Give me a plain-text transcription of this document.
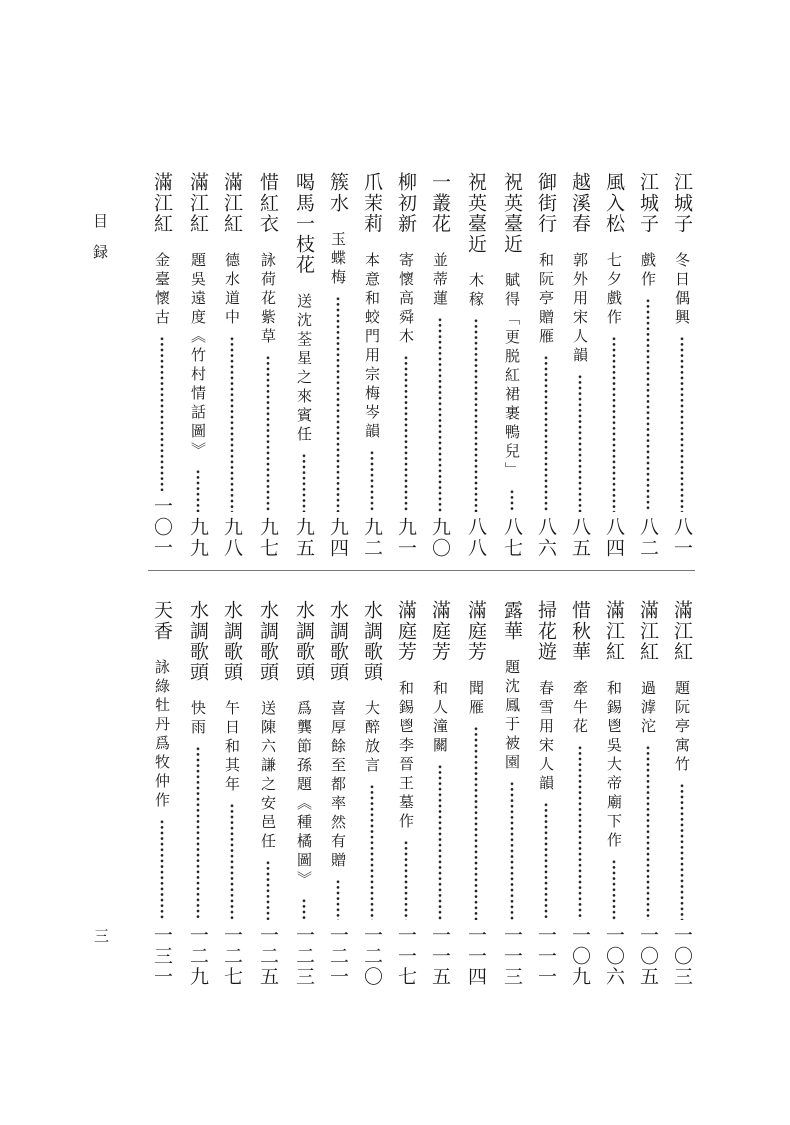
目録
三
江城子
冬日偶興
八一
江城子
戲作
八二
風入松
七夕戲作
八四
越溪春
郭外用宋人韻
八五
御街行
和阮亭贈雁
八六
祝英臺近
賦得「更脱紅裙裹鴨兒」
八七
祝英臺近
木稼
八八
一叢花
並蒂蓮
九〇
柳初新
寄懷高舜木
九一
爪茉莉
本意和蛟門用宗梅岑韻
九二
簇水
玉蝶梅
九四
喝馬一枝花
送沈荃星之來賓任
九五
惜紅衣
詠荷花紫草
九七
滿江紅
德水道中
九八
滿江紅
題吳遠度《竹村情話圖》
九九
滿江紅
金臺懷古
一〇一
滿江紅
題阮亭寓竹
一〇三
滿江紅
過滹沱
一〇五
滿江紅
和錫鬯吳大帝廟下作
一〇六
惜秋華
牽牛花
一〇九
掃花遊
春雪用宋人韻
一一一
露華
題沈鳳于被園
一一三
滿庭芳
聞雁
一一四
滿庭芳
和人潼關
一一五
滿庭芳
和錫鬯李晉王墓作
一一七
水調歌頭
大醉放言
一二〇
水調歌頭
喜厚餘至都率然有贈
一二一
水調歌頭
爲龔節孫題《種橘圖》
一二三
水調歌頭
送陳六謙之安邑任
一二五
水調歌頭
午日和其年
一二七
水調歌頭
快雨
一二九
天香
詠綠牡丹爲牧仲作
一三一
